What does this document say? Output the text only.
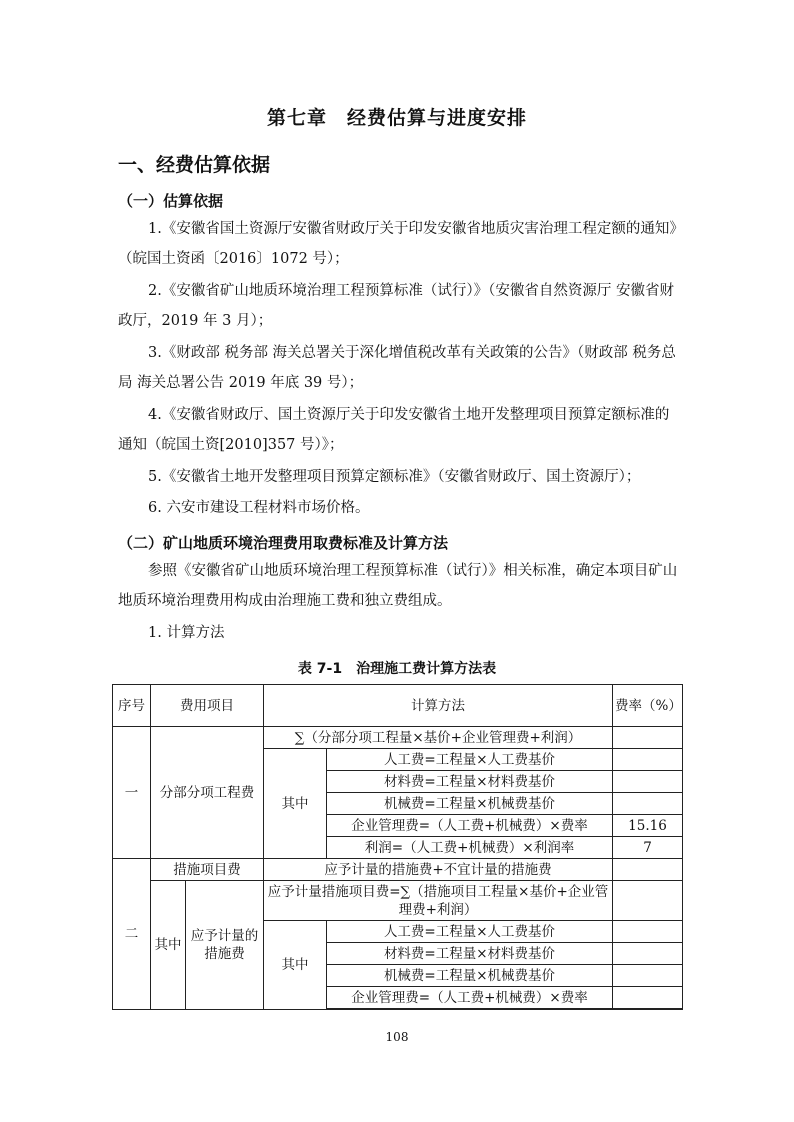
第七章　经费估算与进度安排
一、经费估算依据
（一）估算依据

1.《安徽省国土资源厅安徽省财政厅关于印发安徽省地质灾害治理工程定额的通知》（皖国土资函〔2016〕1072 号）；

2.《安徽省矿山地质环境治理工程预算标准（试行）》（安徽省自然资源厅 安徽省财政厅，2019 年 3 月）；

3.《财政部 税务部 海关总署关于深化增值税改革有关政策的公告》（财政部 税务总局 海关总署公告 2019 年底 39 号）；

4.《安徽省财政厅、国土资源厅关于印发安徽省土地开发整理项目预算定额标准的通知（皖国土资[2010]357 号）》；

5.《安徽省土地开发整理项目预算定额标准》（安徽省财政厅、国土资源厅）；

6. 六安市建设工程材料市场价格。

（二）矿山地质环境治理费用取费标准及计算方法

参照《安徽省矿山地质环境治理工程预算标准（试行）》相关标准，确定本项目矿山地质环境治理费用构成由治理施工费和独立费组成。

1. 计算方法

表 7-1　治理施工费计算方法表
序号	费用项目		计算方法		费率（%）
一	分部分项工程费		∑（分部分项工程量×基价+企业管理费+利润）		
			其中	人工费=工程量×人工费基价	
				材料费=工程量×材料费基价	
				机械费=工程量×机械费基价	
				企业管理费=（人工费+机械费）×费率	15.16
				利润=（人工费+机械费）×利润率	7
二	措施项目费		应予计量的措施费+不宜计量的措施费		
	其中	应予计量的措施费	应予计量措施项目费=∑（措施项目工程量×基价+企业管理费+利润）		
			其中	人工费=工程量×人工费基价	
				材料费=工程量×材料费基价	
				机械费=工程量×机械费基价	
				企业管理费=（人工费+机械费）×费率	

108
